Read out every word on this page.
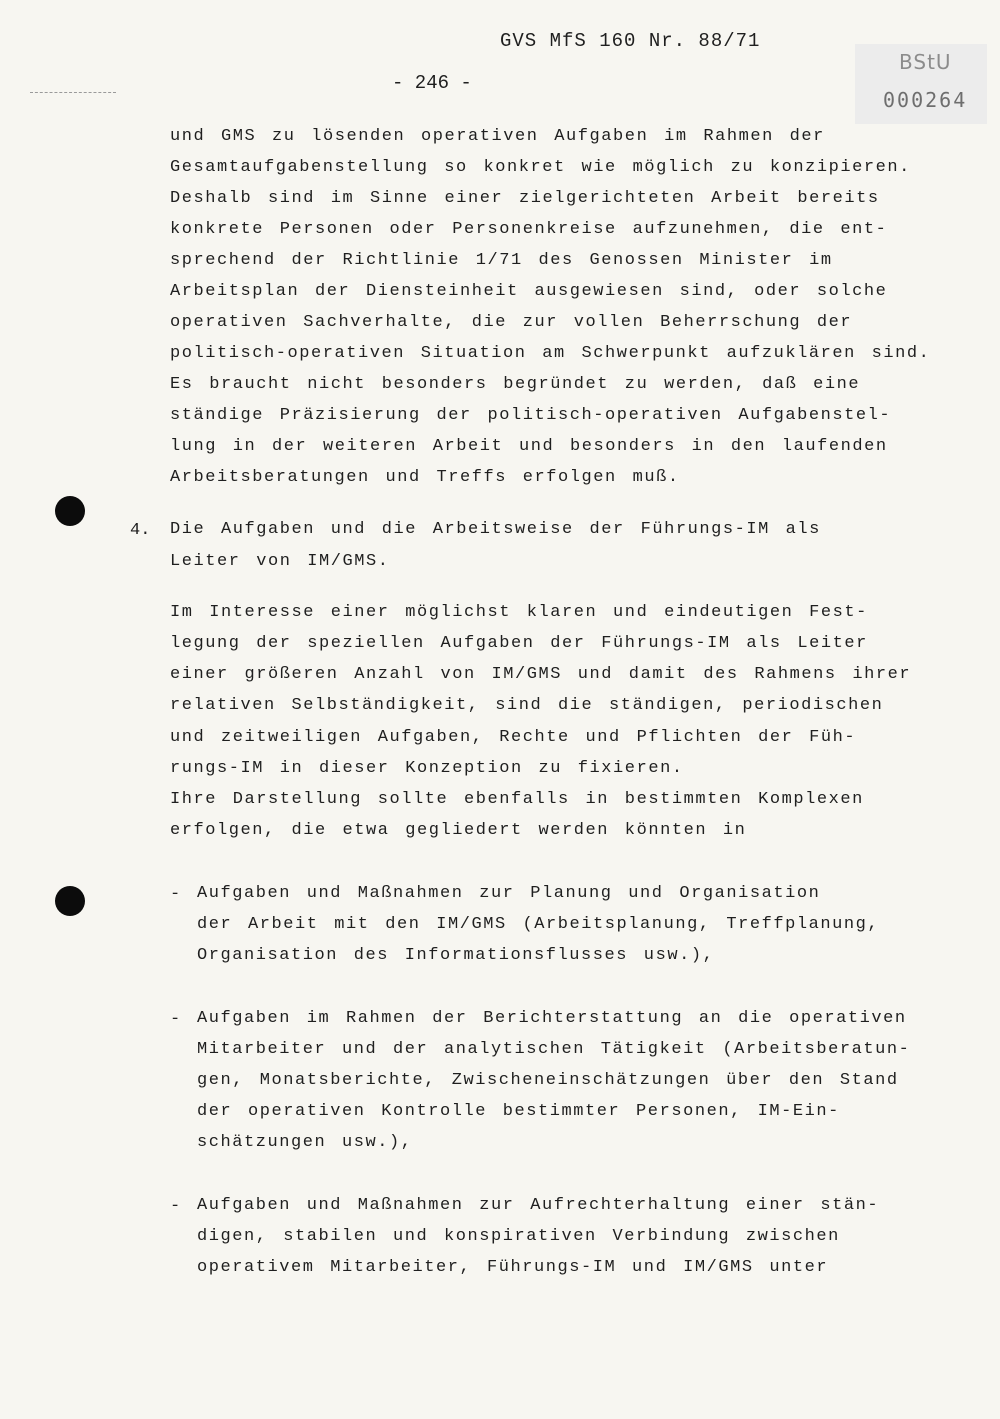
GVS MfS 160 Nr. 88/71
- 246 -
BStU
000264
und GMS zu lösenden operativen Aufgaben im Rahmen der
Gesamtaufgabenstellung so konkret wie möglich zu konzipieren.
Deshalb sind im Sinne einer zielgerichteten Arbeit bereits
konkrete Personen oder Personenkreise aufzunehmen, die ent-
sprechend der Richtlinie 1/71 des Genossen Minister im
Arbeitsplan der Diensteinheit ausgewiesen sind, oder solche
operativen Sachverhalte, die zur vollen Beherrschung der
politisch-operativen Situation am Schwerpunkt aufzuklären sind.
Es braucht nicht besonders begründet zu werden, daß eine
ständige Präzisierung der politisch-operativen Aufgabenstel-
lung in der weiteren Arbeit und besonders in den laufenden
Arbeitsberatungen und Treffs erfolgen muß.
4. Die Aufgaben und die Arbeitsweise der Führungs-IM als
Leiter von IM/GMS.
Im Interesse einer möglichst klaren und eindeutigen Fest-
legung der speziellen Aufgaben der Führungs-IM als Leiter
einer größeren Anzahl von IM/GMS und damit des Rahmens ihrer
relativen Selbständigkeit, sind die ständigen, periodischen
und zeitweiligen Aufgaben, Rechte und Pflichten der Füh-
rungs-IM in dieser Konzeption zu fixieren.
Ihre Darstellung sollte ebenfalls in bestimmten Komplexen
erfolgen, die etwa gegliedert werden könnten in
- Aufgaben und Maßnahmen zur Planung und Organisation
der Arbeit mit den IM/GMS (Arbeitsplanung, Treffplanung,
Organisation des Informationsflusses usw.),
- Aufgaben im Rahmen der Berichterstattung an die operativen
Mitarbeiter und der analytischen Tätigkeit (Arbeitsberatun-
gen, Monatsberichte, Zwischeneinschätzungen über den Stand
der operativen Kontrolle bestimmter Personen, IM-Ein-
schätzungen usw.),
- Aufgaben und Maßnahmen zur Aufrechterhaltung einer stän-
digen, stabilen und konspirativen Verbindung zwischen
operativem Mitarbeiter, Führungs-IM und IM/GMS unter
